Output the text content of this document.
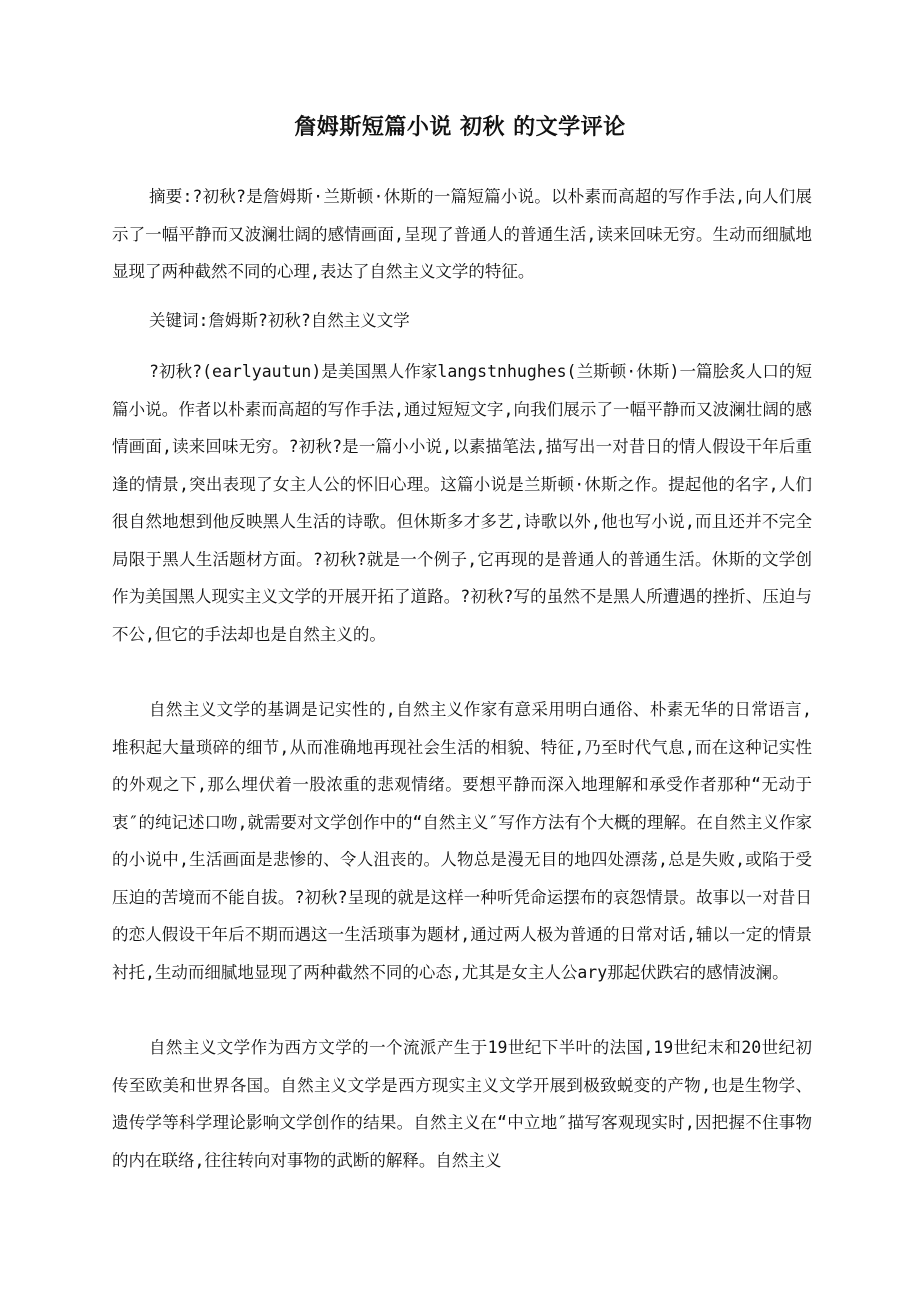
詹姆斯短篇小说 初秋 的文学评论

摘要:?初秋?是詹姆斯·兰斯顿·休斯的一篇短篇小说。以朴素而高超的写作手法,向人们展示了一幅平静而又波澜壮阔的感情画面,呈现了普通人的普通生活,读来回味无穷。生动而细腻地显现了两种截然不同的心理,表达了自然主义文学的特征。

关键词:詹姆斯?初秋?自然主义文学

?初秋?(earlyautun)是美国黑人作家langstnhughes(兰斯顿·休斯)一篇脍炙人口的短篇小说。作者以朴素而高超的写作手法,通过短短文字,向我们展示了一幅平静而又波澜壮阔的感情画面,读来回味无穷。?初秋?是一篇小小说,以素描笔法,描写出一对昔日的情人假设干年后重逢的情景,突出表现了女主人公的怀旧心理。这篇小说是兰斯顿·休斯之作。提起他的名字,人们很自然地想到他反映黑人生活的诗歌。但休斯多才多艺,诗歌以外,他也写小说,而且还并不完全局限于黑人生活题材方面。?初秋?就是一个例子,它再现的是普通人的普通生活。休斯的文学创作为美国黑人现实主义文学的开展开拓了道路。?初秋?写的虽然不是黑人所遭遇的挫折、压迫与不公,但它的手法却也是自然主义的。

自然主义文学的基调是记实性的,自然主义作家有意采用明白通俗、朴素无华的日常语言,堆积起大量琐碎的细节,从而准确地再现社会生活的相貌、特征,乃至时代气息,而在这种记实性的外观之下,那么埋伏着一股浓重的悲观情绪。要想平静而深入地理解和承受作者那种“无动于衷″的纯记述口吻,就需要对文学创作中的“自然主义″写作方法有个大概的理解。在自然主义作家的小说中,生活画面是悲惨的、令人沮丧的。人物总是漫无目的地四处漂荡,总是失败,或陷于受压迫的苦境而不能自拔。?初秋?呈现的就是这样一种听凭命运摆布的哀怨情景。故事以一对昔日的恋人假设干年后不期而遇这一生活琐事为题材,通过两人极为普通的日常对话,辅以一定的情景衬托,生动而细腻地显现了两种截然不同的心态,尤其是女主人公ary那起伏跌宕的感情波澜。

自然主义文学作为西方文学的一个流派产生于19世纪下半叶的法国,19世纪末和20世纪初传至欧美和世界各国。自然主义文学是西方现实主义文学开展到极致蜕变的产物,也是生物学、遗传学等科学理论影响文学创作的结果。自然主义在“中立地″描写客观现实时,因把握不住事物的内在联络,往往转向对事物的武断的解释。自然主义
